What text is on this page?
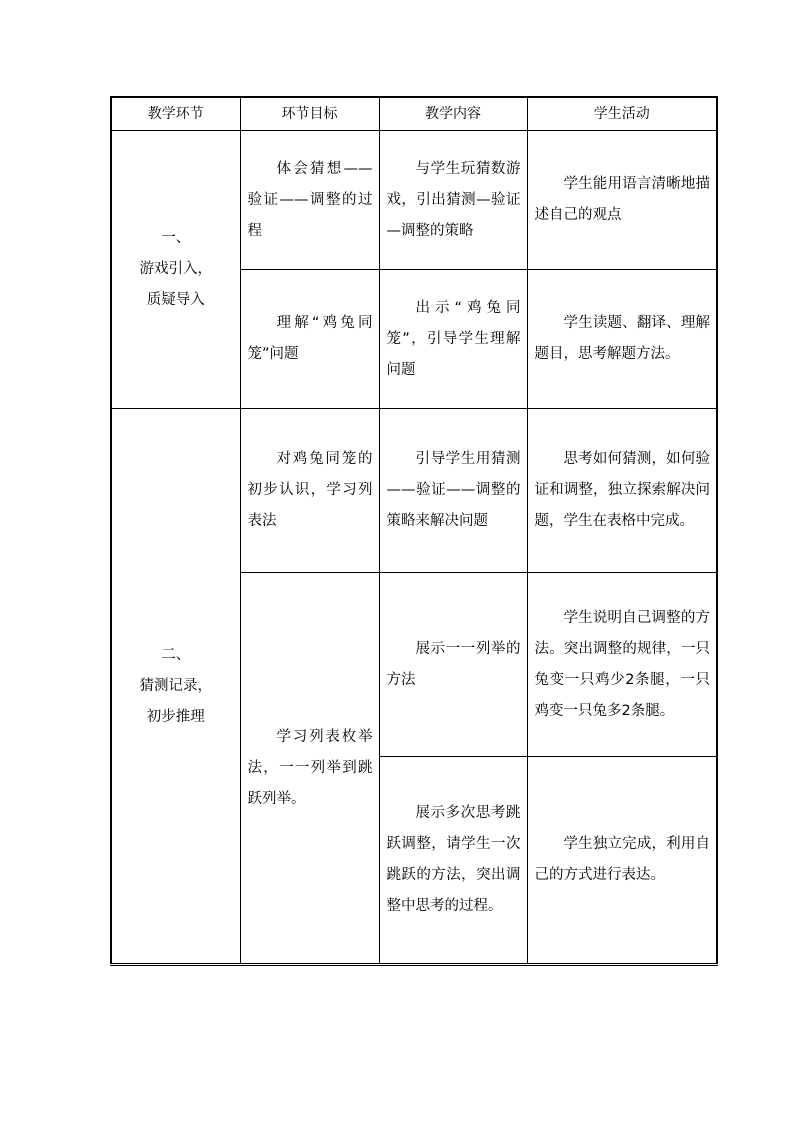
教学环节	环节目标	教学内容	学生活动

一、
游戏引入，
质疑导入	体会猜想——验证——调整的过程	与学生玩猜数游戏，引出猜测—验证—调整的策略	学生能用语言清晰地描述自己的观点

	理解“鸡兔同笼”问题	出示“鸡兔同笼”，引导学生理解问题	学生读题、翻译、理解题目，思考解题方法。

二、
猜测记录，
初步推理	对鸡兔同笼的初步认识，学习列表法	引导学生用猜测——验证——调整的策略来解决问题	思考如何猜测，如何验证和调整，独立探索解决问题，学生在表格中完成。

	学习列表枚举法，一一列举到跳跃列举。	展示一一列举的方法	学生说明自己调整的方法。突出调整的规律，一只兔变一只鸡少2条腿，一只鸡变一只兔多2条腿。

		展示多次思考跳跃调整，请学生一次跳跃的方法，突出调整中思考的过程。	学生独立完成，利用自己的方式进行表达。
